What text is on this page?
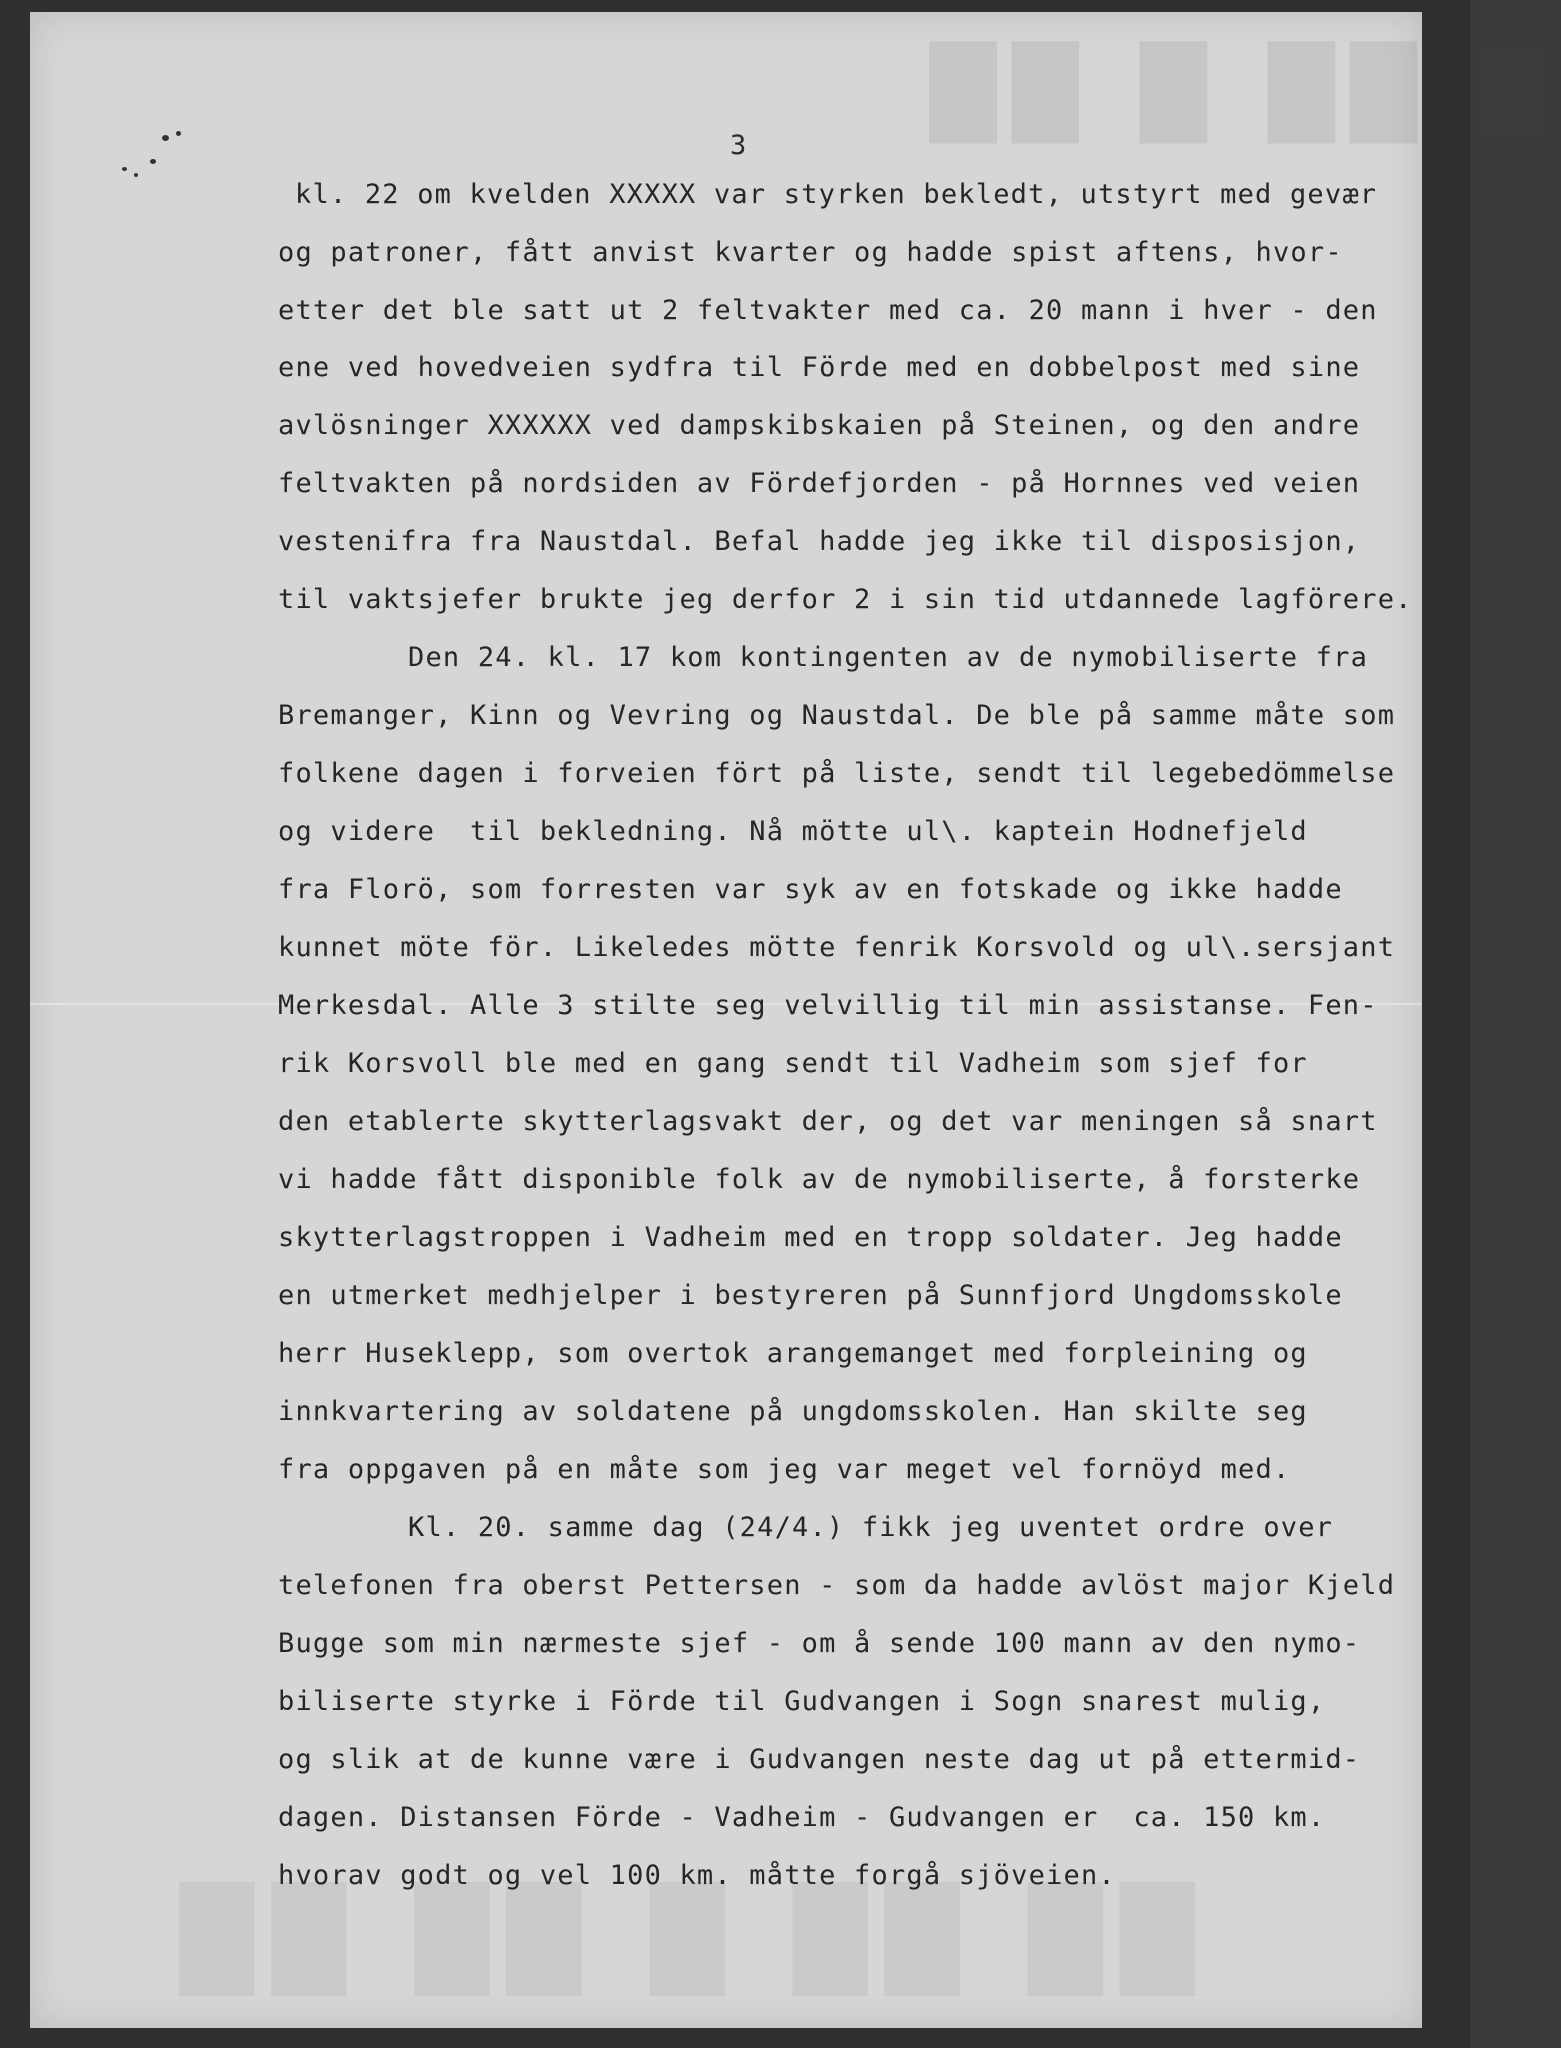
██ █ ██ █
██ ██ █ ██ ██
3
kl. 22 om kvelden XXXXX var styrken bekledt, utstyrt med gevær
og patroner, fått anvist kvarter og hadde spist aftens, hvor-
etter det ble satt ut 2 feltvakter med ca. 20 mann i hver - den
ene ved hovedveien sydfra til Förde med en dobbelpost med sine
avlösninger XXXXXX ved dampskibskaien på Steinen, og den andre
feltvakten på nordsiden av Fördefjorden - på Hornnes ved veien
vestenifra fra Naustdal. Befal hadde jeg ikke til disposisjon,
til vaktsjefer brukte jeg derfor 2 i sin tid utdannede lagförere.
Den 24. kl. 17 kom kontingenten av de nymobiliserte fra
Bremanger, Kinn og Vevring og Naustdal. De ble på samme måte som
folkene dagen i forveien fört på liste, sendt til legebedömmelse
og videre  til bekledning. Nå mötte ul\. kaptein Hodnefjeld
fra Florö, som forresten var syk av en fotskade og ikke hadde
kunnet möte för. Likeledes mötte fenrik Korsvold og ul\.sersjant
Merkesdal. Alle 3 stilte seg velvillig til min assistanse. Fen-
rik Korsvoll ble med en gang sendt til Vadheim som sjef for
den etablerte skytterlagsvakt der, og det var meningen så snart
vi hadde fått disponible folk av de nymobiliserte, å forsterke
skytterlagstroppen i Vadheim med en tropp soldater. Jeg hadde
en utmerket medhjelper i bestyreren på Sunnfjord Ungdomsskole
herr Huseklepp, som overtok arangemanget med forpleining og
innkvartering av soldatene på ungdomsskolen. Han skilte seg
fra oppgaven på en måte som jeg var meget vel fornöyd med.
Kl. 20. samme dag (24/4.) fikk jeg uventet ordre over
telefonen fra oberst Pettersen - som da hadde avlöst major Kjeld
Bugge som min nærmeste sjef - om å sende 100 mann av den nymo-
biliserte styrke i Förde til Gudvangen i Sogn snarest mulig,
og slik at de kunne være i Gudvangen neste dag ut på ettermid-
dagen. Distansen Förde - Vadheim - Gudvangen er  ca. 150 km.
hvorav godt og vel 100 km. måtte forgå sjöveien.
